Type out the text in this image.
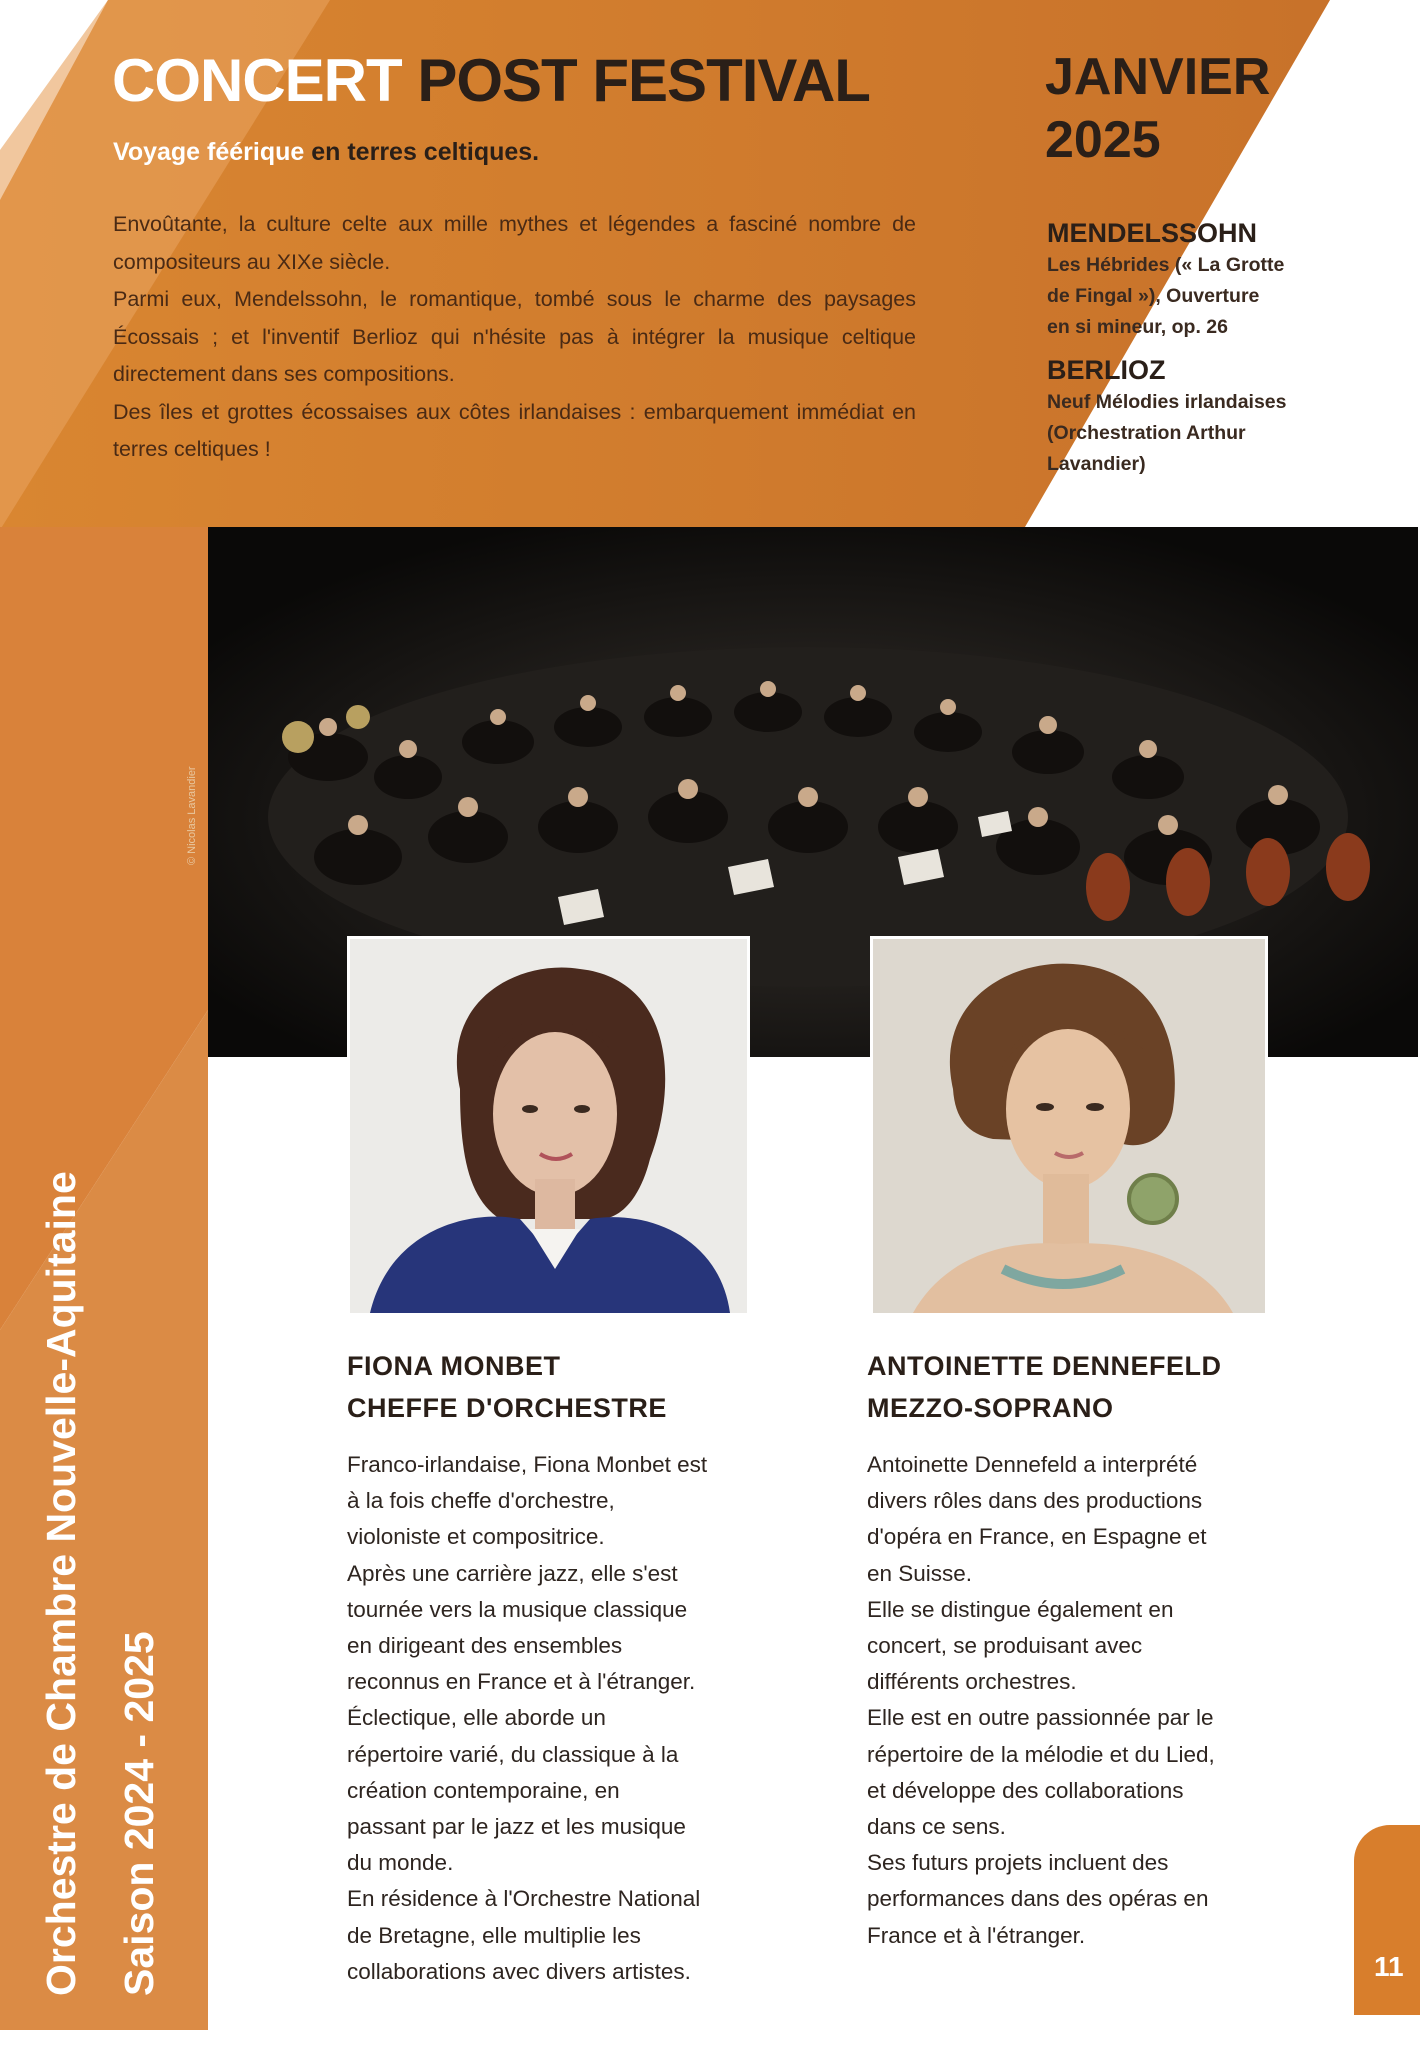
CONCERT POST FESTIVAL
Voyage féérique en terres celtiques.

Envoûtante, la culture celte aux mille mythes et légendes a fasciné nombre de compositeurs au XIXe siècle.

Parmi eux, Mendelssohn, le romantique, tombé sous le charme des paysages Écossais ; et l'inventif Berlioz qui n'hésite pas à intégrer la musique celtique directement dans ses compositions.

Des îles et grottes écossaises aux côtes irlandaises : embarquement immédiat en terres celtiques !

JANVIER
2025
MENDELSSOHN
Les Hébrides (« La Grotte
de Fingal »), Ouverture
en si mineur, op. 26
BERLIOZ
Neuf Mélodies irlandaises
(Orchestration Arthur
Lavandier)
© Nicolas Lavandier
FIONA MONBET
CHEFFE D'ORCHESTRE
ANTOINETTE DENNEFELD
MEZZO-SOPRANO
Franco-irlandaise, Fiona Monbet est
à la fois cheffe d'orchestre,
violoniste et compositrice.
Après une carrière jazz, elle s'est
tournée vers la musique classique
en dirigeant des ensembles
reconnus en France et à l'étranger.
Éclectique, elle aborde un
répertoire varié, du classique à la
création contemporaine, en
passant par le jazz et les musique
du monde.
En résidence à l'Orchestre National
de Bretagne, elle multiplie les
collaborations avec divers artistes.
Antoinette Dennefeld a interprété
divers rôles dans des productions
d'opéra en France, en Espagne et
en Suisse.
Elle se distingue également en
concert, se produisant avec
différents orchestres.
Elle est en outre passionnée par le
répertoire de la mélodie et du Lied,
et développe des collaborations
dans ce sens.
Ses futurs projets incluent des
performances dans des opéras en
France et à l'étranger.
Orchestre de Chambre Nouvelle-Aquitaine Saison 2024 - 2025	11
